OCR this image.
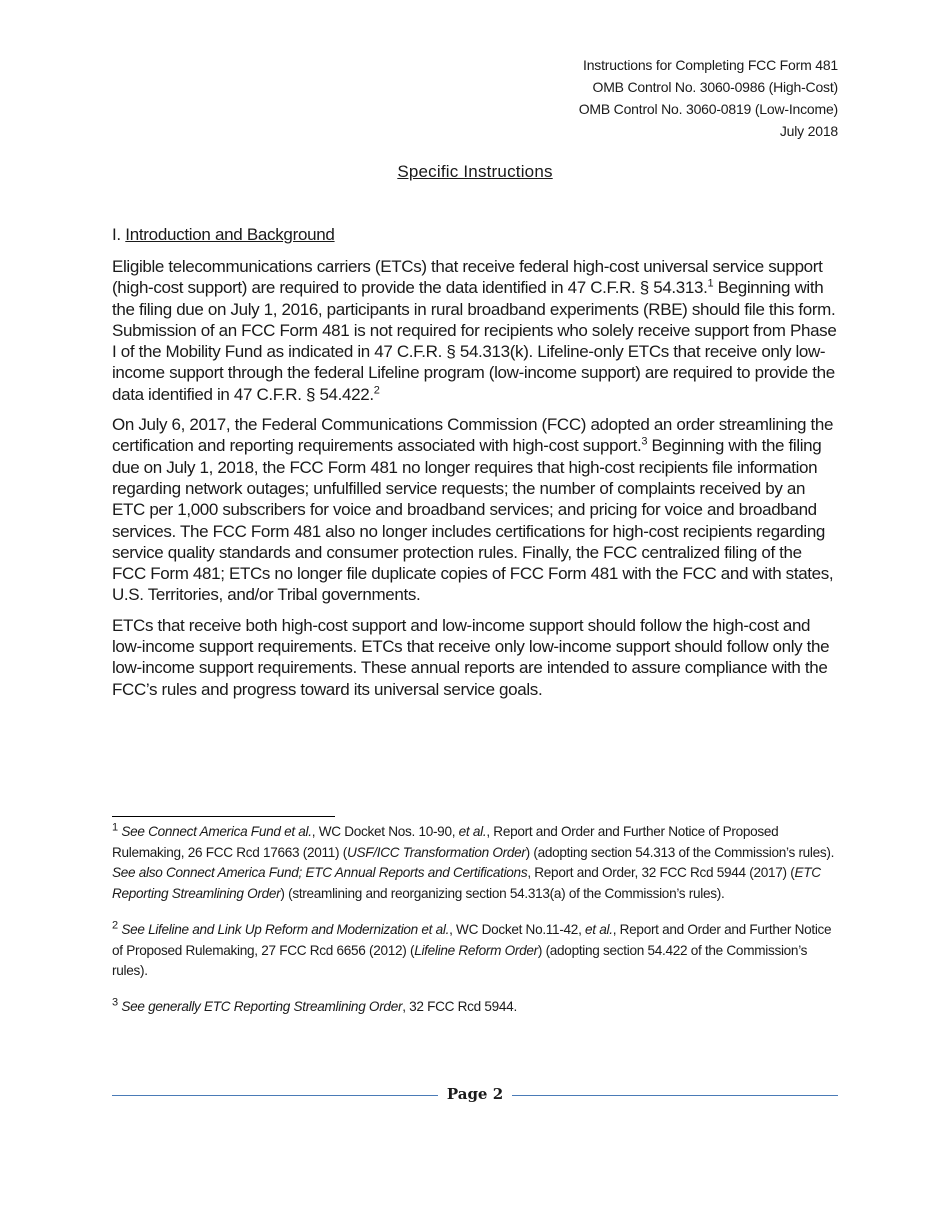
Instructions for Completing FCC Form 481
OMB Control No. 3060-0986 (High-Cost)
OMB Control No. 3060-0819 (Low-Income)
July 2018
Specific Instructions

I. Introduction and Background

Eligible telecommunications carriers (ETCs) that receive federal high-cost universal service support (high-cost support) are required to provide the data identified in 47 C.F.R. § 54.313.$^1$ Beginning with the filing due on July 1, 2016, participants in rural broadband experiments (RBE) should file this form. Submission of an FCC Form 481 is not required for recipients who solely receive support from Phase I of the Mobility Fund as indicated in 47 C.F.R. § 54.313(k). Lifeline-only ETCs that receive only low-income support through the federal Lifeline program (low-income support) are required to provide the data identified in 47 C.F.R. § 54.422.$^2$

On July 6, 2017, the Federal Communications Commission (FCC) adopted an order streamlining the certification and reporting requirements associated with high-cost support.$^3$ Beginning with the filing due on July 1, 2018, the FCC Form 481 no longer requires that high-cost recipients file information regarding network outages; unfulfilled service requests; the number of complaints received by an ETC per 1,000 subscribers for voice and broadband services; and pricing for voice and broadband services. The FCC Form 481 also no longer includes certifications for high-cost recipients regarding service quality standards and consumer protection rules. Finally, the FCC centralized filing of the FCC Form 481; ETCs no longer file duplicate copies of FCC Form 481 with the FCC and with states, U.S. Territories, and/or Tribal governments.

ETCs that receive both high-cost support and low-income support should follow the high-cost and low-income support requirements. ETCs that receive only low-income support should follow only the low-income support requirements. These annual reports are intended to assure compliance with the FCC’s rules and progress toward its universal service goals.

$^1$ See Connect America Fund et al., WC Docket Nos. 10-90, et al., Report and Order and Further Notice of Proposed Rulemaking, 26 FCC Rcd 17663 (2011) (USF/ICC Transformation Order) (adopting section 54.313 of the Commission’s rules). See also Connect America Fund; ETC Annual Reports and Certifications, Report and Order, 32 FCC Rcd 5944 (2017) (ETC Reporting Streamlining Order) (streamlining and reorganizing section 54.313(a) of the Commission’s rules).

$^2$ See Lifeline and Link Up Reform and Modernization et al., WC Docket No.11-42, et al., Report and Order and Further Notice of Proposed Rulemaking, 27 FCC Rcd 6656 (2012) (Lifeline Reform Order) (adopting section 54.422 of the Commission’s rules).

$^3$ See generally ETC Reporting Streamlining Order, 32 FCC Rcd 5944.

Page 2
